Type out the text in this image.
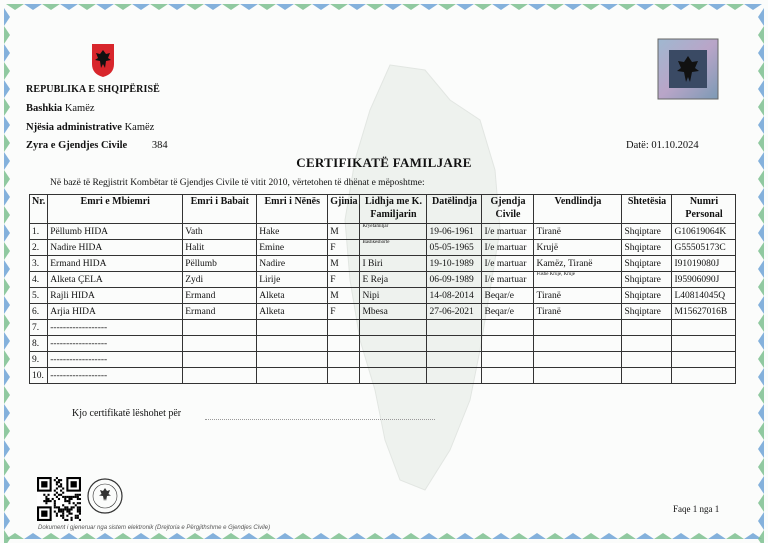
REPUBLIKA E SHQIPËRISË
Bashkia Kamëz
Njësia administrative Kamëz
Zyra e Gjendjes Civile 384	Datë: 01.10.2024
CERTIFIKATË FAMILJARE
Në bazë të Regjistrit Kombëtar të Gjendjes Civile të vitit 2010, vërtetohen të dhënat e mëposhtme:
Nr.	Emri e Mbiemri	Emri i Babait	Emri i Nënës	Gjinia	Lidhja me K. Familjarin	Datëlindja	Gjendja Civile	Vendlindja	Shtetësia	Numri Personal
1.	Pëllumb HIDA	Vath	Hake	M	Kryefamiljar	19-06-1961	I/e martuar	Tiranë	Shqiptare	G10619064K
2.	Nadire HIDA	Halit	Emine	F	Bashkëshorte	05-05-1965	I/e martuar	Krujë	Shqiptare	G55505173C
3.	Ermand HIDA	Pëllumb	Nadire	M	I Biri	19-10-1989	I/e martuar	Kamëz, Tiranë	Shqiptare	I91019080J
4.	Alketa ÇELA	Zydi	Lirije	F	E Reja	06-09-1989	I/e martuar	Fushë Krujë, Krujë	Shqiptare	I95906090J
5.	Rajli HIDA	Ermand	Alketa	M	Nipi	14-08-2014	Beqar/e	Tiranë	Shqiptare	L40814045Q
6.	Arjia HIDA	Ermand	Alketa	F	Mbesa	27-06-2021	Beqar/e	Tiranë	Shqiptare	M15627016B
7.	------------------									
8.	------------------									
9.	------------------									
10.	------------------									
Kjo certifikatë lëshohet për
Faqe 1 nga 1
Dokument i gjeneruar nga sistem elektronik (Drejtoria e Përgjithshme e Gjendjes Civile)
